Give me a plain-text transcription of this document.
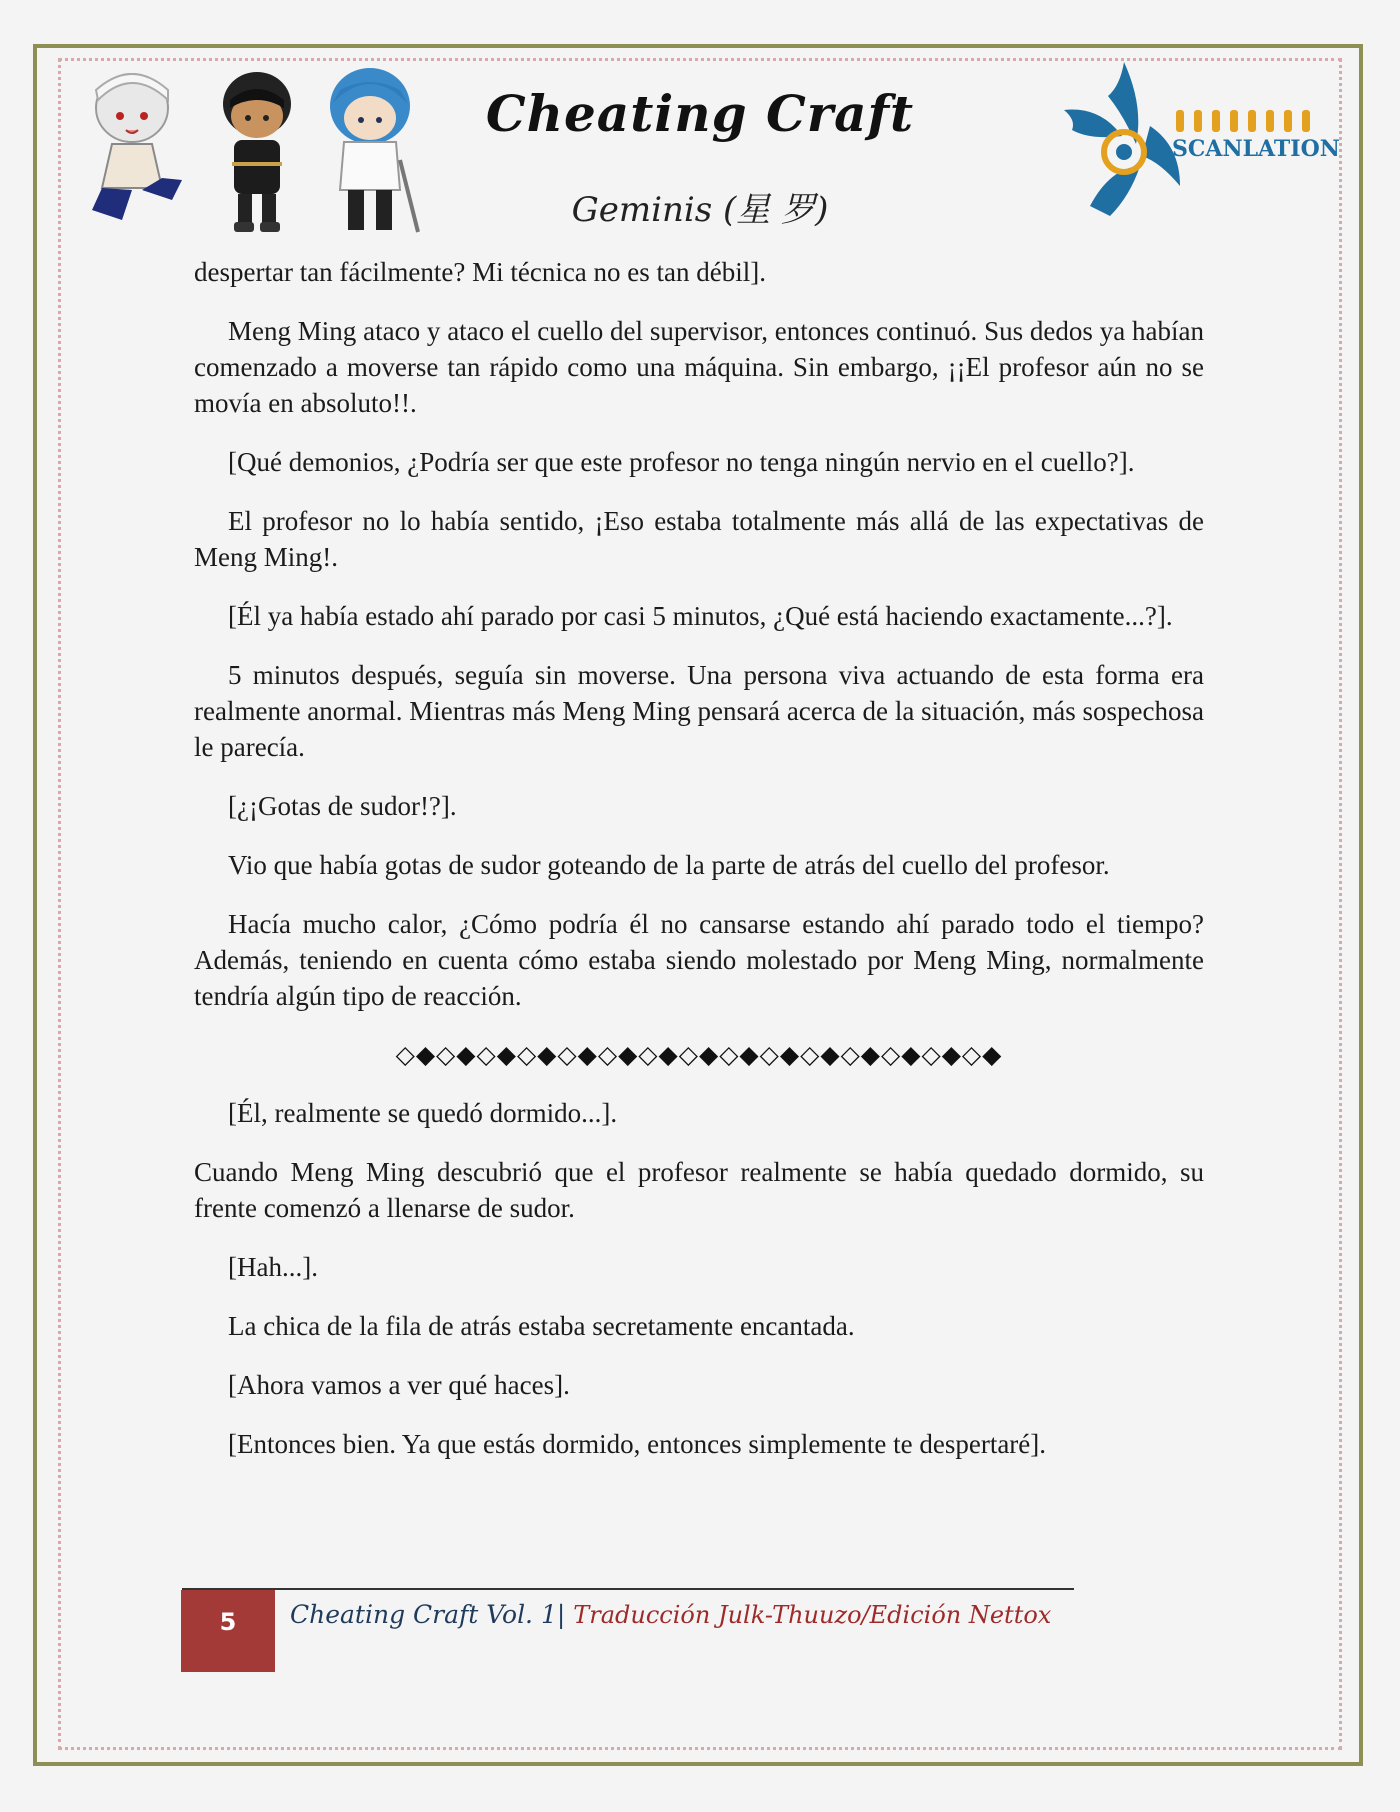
Cheating Craft
Geminis (星 罗)
SCANLATION

despertar tan fácilmente? Mi técnica no es tan débil].

Meng Ming ataco y ataco el cuello del supervisor, entonces continuó. Sus dedos ya habían comenzado a moverse tan rápido como una máquina. Sin embargo, ¡¡El profesor aún no se movía en absoluto!!.

[Qué demonios, ¿Podría ser que este profesor no tenga ningún nervio en el cuello?].

El profesor no lo había sentido, ¡Eso estaba totalmente más allá de las expectativas de Meng Ming!.

[Él ya había estado ahí parado por casi 5 minutos, ¿Qué está haciendo exactamente...?].

5 minutos después, seguía sin moverse. Una persona viva actuando de esta forma era realmente anormal. Mientras más Meng Ming pensará acerca de la situación, más sospechosa le parecía.

[¿¡Gotas de sudor!?].

Vio que había gotas de sudor goteando de la parte de atrás del cuello del profesor.

Hacía mucho calor, ¿Cómo podría él no cansarse estando ahí parado todo el tiempo? Además, teniendo en cuenta cómo estaba siendo molestado por Meng Ming, normalmente tendría algún tipo de reacción.

◇◆◇◆◇◆◇◆◇◆◇◆◇◆◇◆◇◆◇◆◇◆◇◆◇◆◇◆◇◆

[Él, realmente se quedó dormido...].

Cuando Meng Ming descubrió que el profesor realmente se había quedado dormido, su frente comenzó a llenarse de sudor.

[Hah...].

La chica de la fila de atrás estaba secretamente encantada.

[Ahora vamos a ver qué haces].

[Entonces bien. Ya que estás dormido, entonces simplemente te despertaré].

5	Cheating Craft Vol. 1| Traducción Julk-Thuuzo/Edición Nettox
